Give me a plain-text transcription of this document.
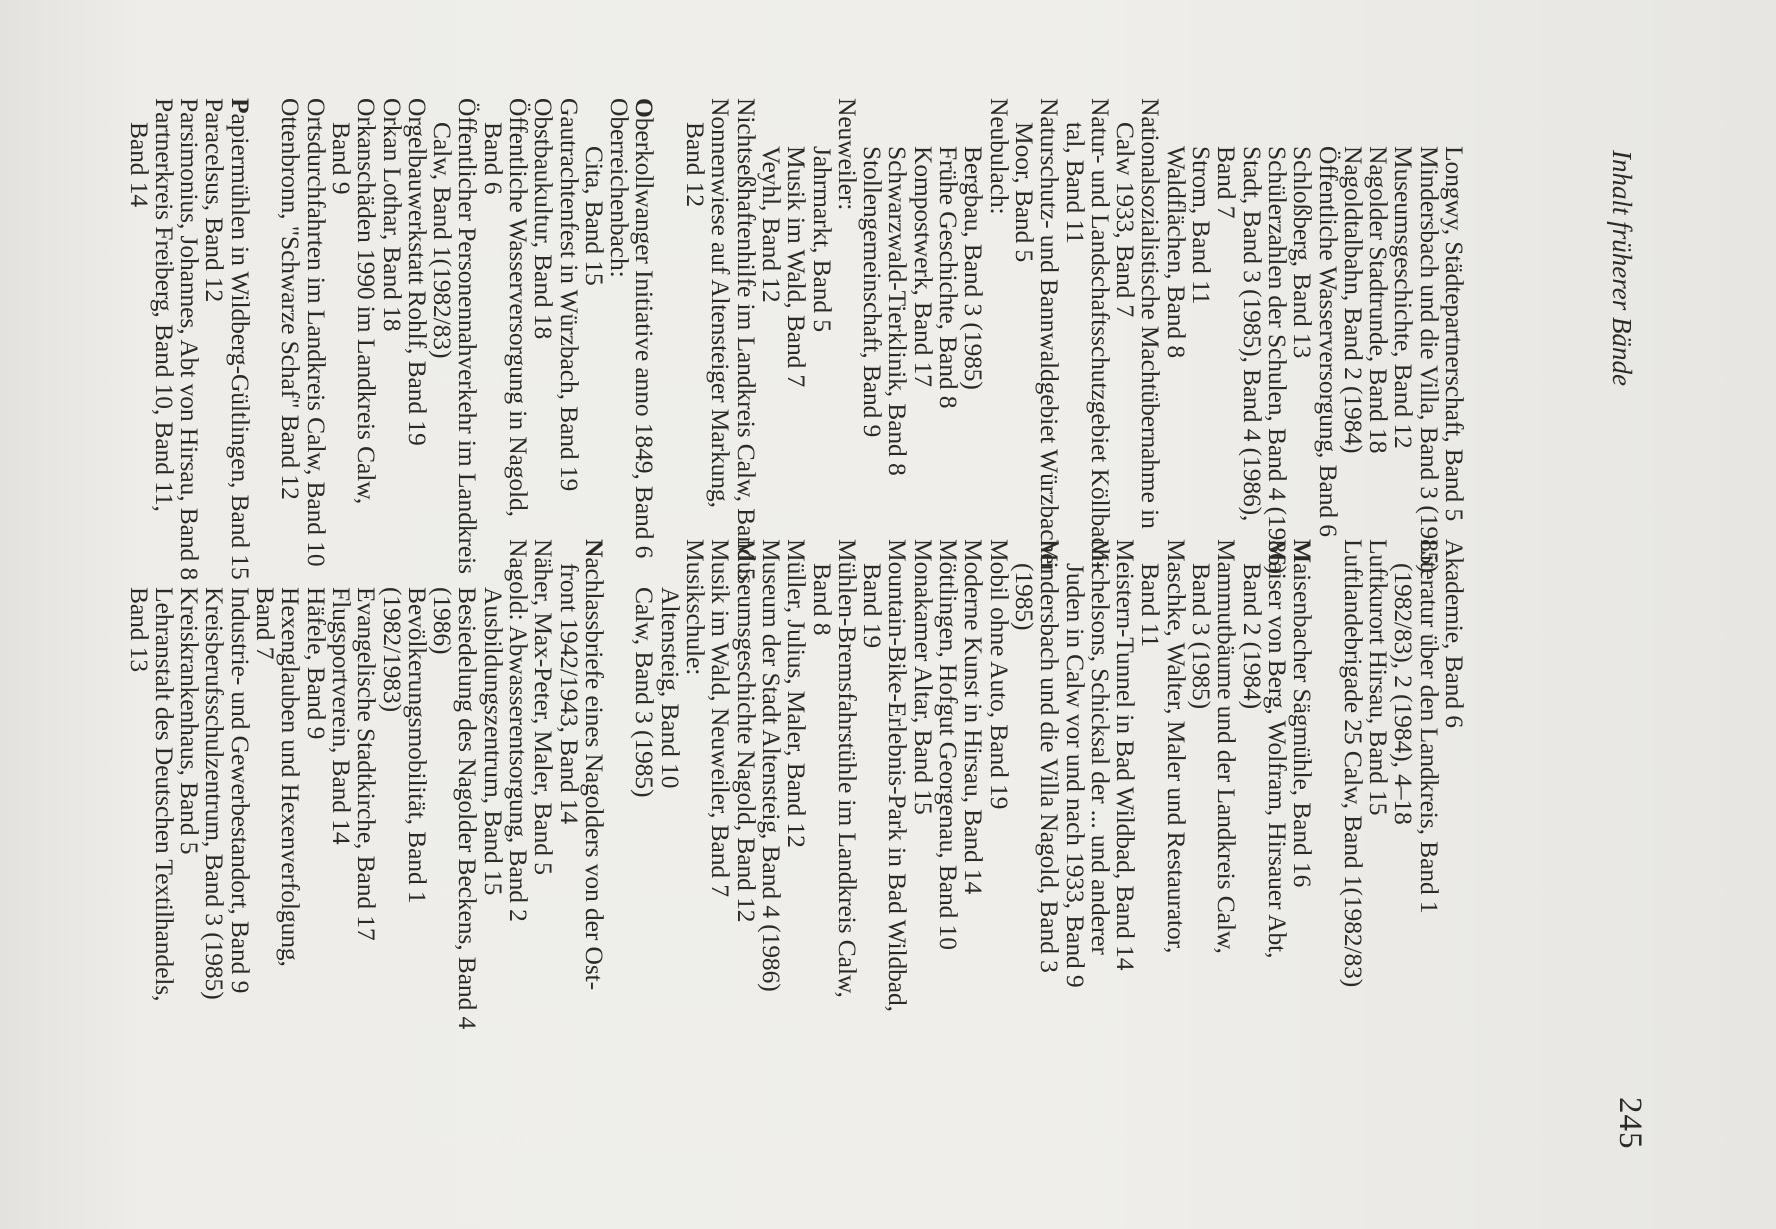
Inhalt früherer Bände
245
Longwy, Städtepartnerschaft, Band 5
Mindersbach und die Villa, Band 3 (1985)
Museumsgeschichte, Band 12
Nagolder Stadtrunde, Band 18
Nagoldtalbahn, Band 2 (1984)
Öffentliche Wasserversorgung, Band 6
Schloßberg, Band 13
Schülerzahlen der Schulen, Band 4 (1986)
Stadt, Band 3 (1985), Band 4 (1986),
Band 7
Strom, Band 11
Waldflächen, Band 8
Nationalsozialistische Machtübernahme in
Calw 1933, Band 7
Natur- und Landschaftsschutzgebiet Köllbach-
tal, Band 11
Naturschutz- und Bannwaldgebiet Würzbacher
Moor, Band 5
Neubulach:
Bergbau, Band 3 (1985)
Frühe Geschichte, Band 8
Kompostwerk, Band 17
Schwarzwald-Tierklinik, Band 8
Stollengemeinschaft, Band 9
Neuweiler:
Jahrmarkt, Band 5
Musik im Wald, Band 7
Veyhl, Band 12
Nichtseßhaftenhilfe im Landkreis Calw, Band 5
Nonnenwiese auf Altensteiger Markung,
Band 12
Oberkollwanger Initiative anno 1849, Band 6
Oberreichenbach:
Cita, Band 15
Gautrachtenfest in Würzbach, Band 19
Obstbaukultur, Band 18
Öffentliche Wasserversorgung in Nagold,
Band 6
Öffentlicher Personennahverkehr im Landkreis
Calw, Band 1(1982/83)
Orgelbauwerkstatt Rohlf, Band 19
Orkan Lothar, Band 18
Orkanschäden 1990 im Landkreis Calw,
Band 9
Ortsdurchfahrten im Landkreis Calw, Band 10
Ottenbronn, "Schwarze Schaf" Band 12
Papiermühlen in Wildberg-Gültlingen, Band 15
Paracelsus, Band 12
Parsimonius, Johannes, Abt von Hirsau, Band 8
Partnerkreis Freiberg, Band 10, Band 11,
Band 14
Akademie, Band 6
Literatur über den Landkreis, Band 1
(1982/83), 2 (1984), 4–18
Luftkurort Hirsau, Band 15
Luftlandebrigade 25 Calw, Band 1(1982/83)
Maisenbacher Sägmühle, Band 16
Maiser von Berg, Wolfram, Hirsauer Abt,
Band 2 (1984)
Mammutbäume und der Landkreis Calw,
Band 3 (1985)
Maschke, Walter, Maler und Restaurator,
Band 11
Meistern-Tunnel in Bad Wildbad, Band 14
Michelsons, Schicksal der ... und anderer
Juden in Calw vor und nach 1933, Band 9
Mindersbach und die Villa Nagold, Band 3
(1985)
Mobil ohne Auto, Band 19
Moderne Kunst in Hirsau, Band 14
Möttlingen, Hofgut Georgenau, Band 10
Monakamer Altar, Band 15
Mountain-Bike-Erlebnis-Park in Bad Wildbad,
Band 19
Mühlen-Bremsfahrstühle im Landkreis Calw,
Band 8
Müller, Julius, Maler, Band 12
Museum der Stadt Altensteig, Band 4 (1986)
Museumsgeschichte Nagold, Band 12
Musik im Wald, Neuweiler, Band 7
Musikschule:
Altensteig, Band 10
Calw, Band 3 (1985)
Nachlassbriefe eines Nagolders von der Ost-
front 1942/1943, Band 14
Näher, Max-Peter, Maler, Band 5
Nagold: Abwasserentsorgung, Band 2
Ausbildungszentrum, Band 15
Besiedelung des Nagolder Beckens, Band 4
(1986)
Bevölkerungsmobilität, Band 1
(1982/1983)
Evangelische Stadtkirche, Band 17
Flugsportverein, Band 14
Häfele, Band 9
Hexenglauben und Hexenverfolgung,
Band 7
Industrie- und Gewerbestandort, Band 9
Kreisberufsschulzentrum, Band 3 (1985)
Kreiskrankenhaus, Band 5
Lehranstalt des Deutschen Textilhandels,
Band 13
